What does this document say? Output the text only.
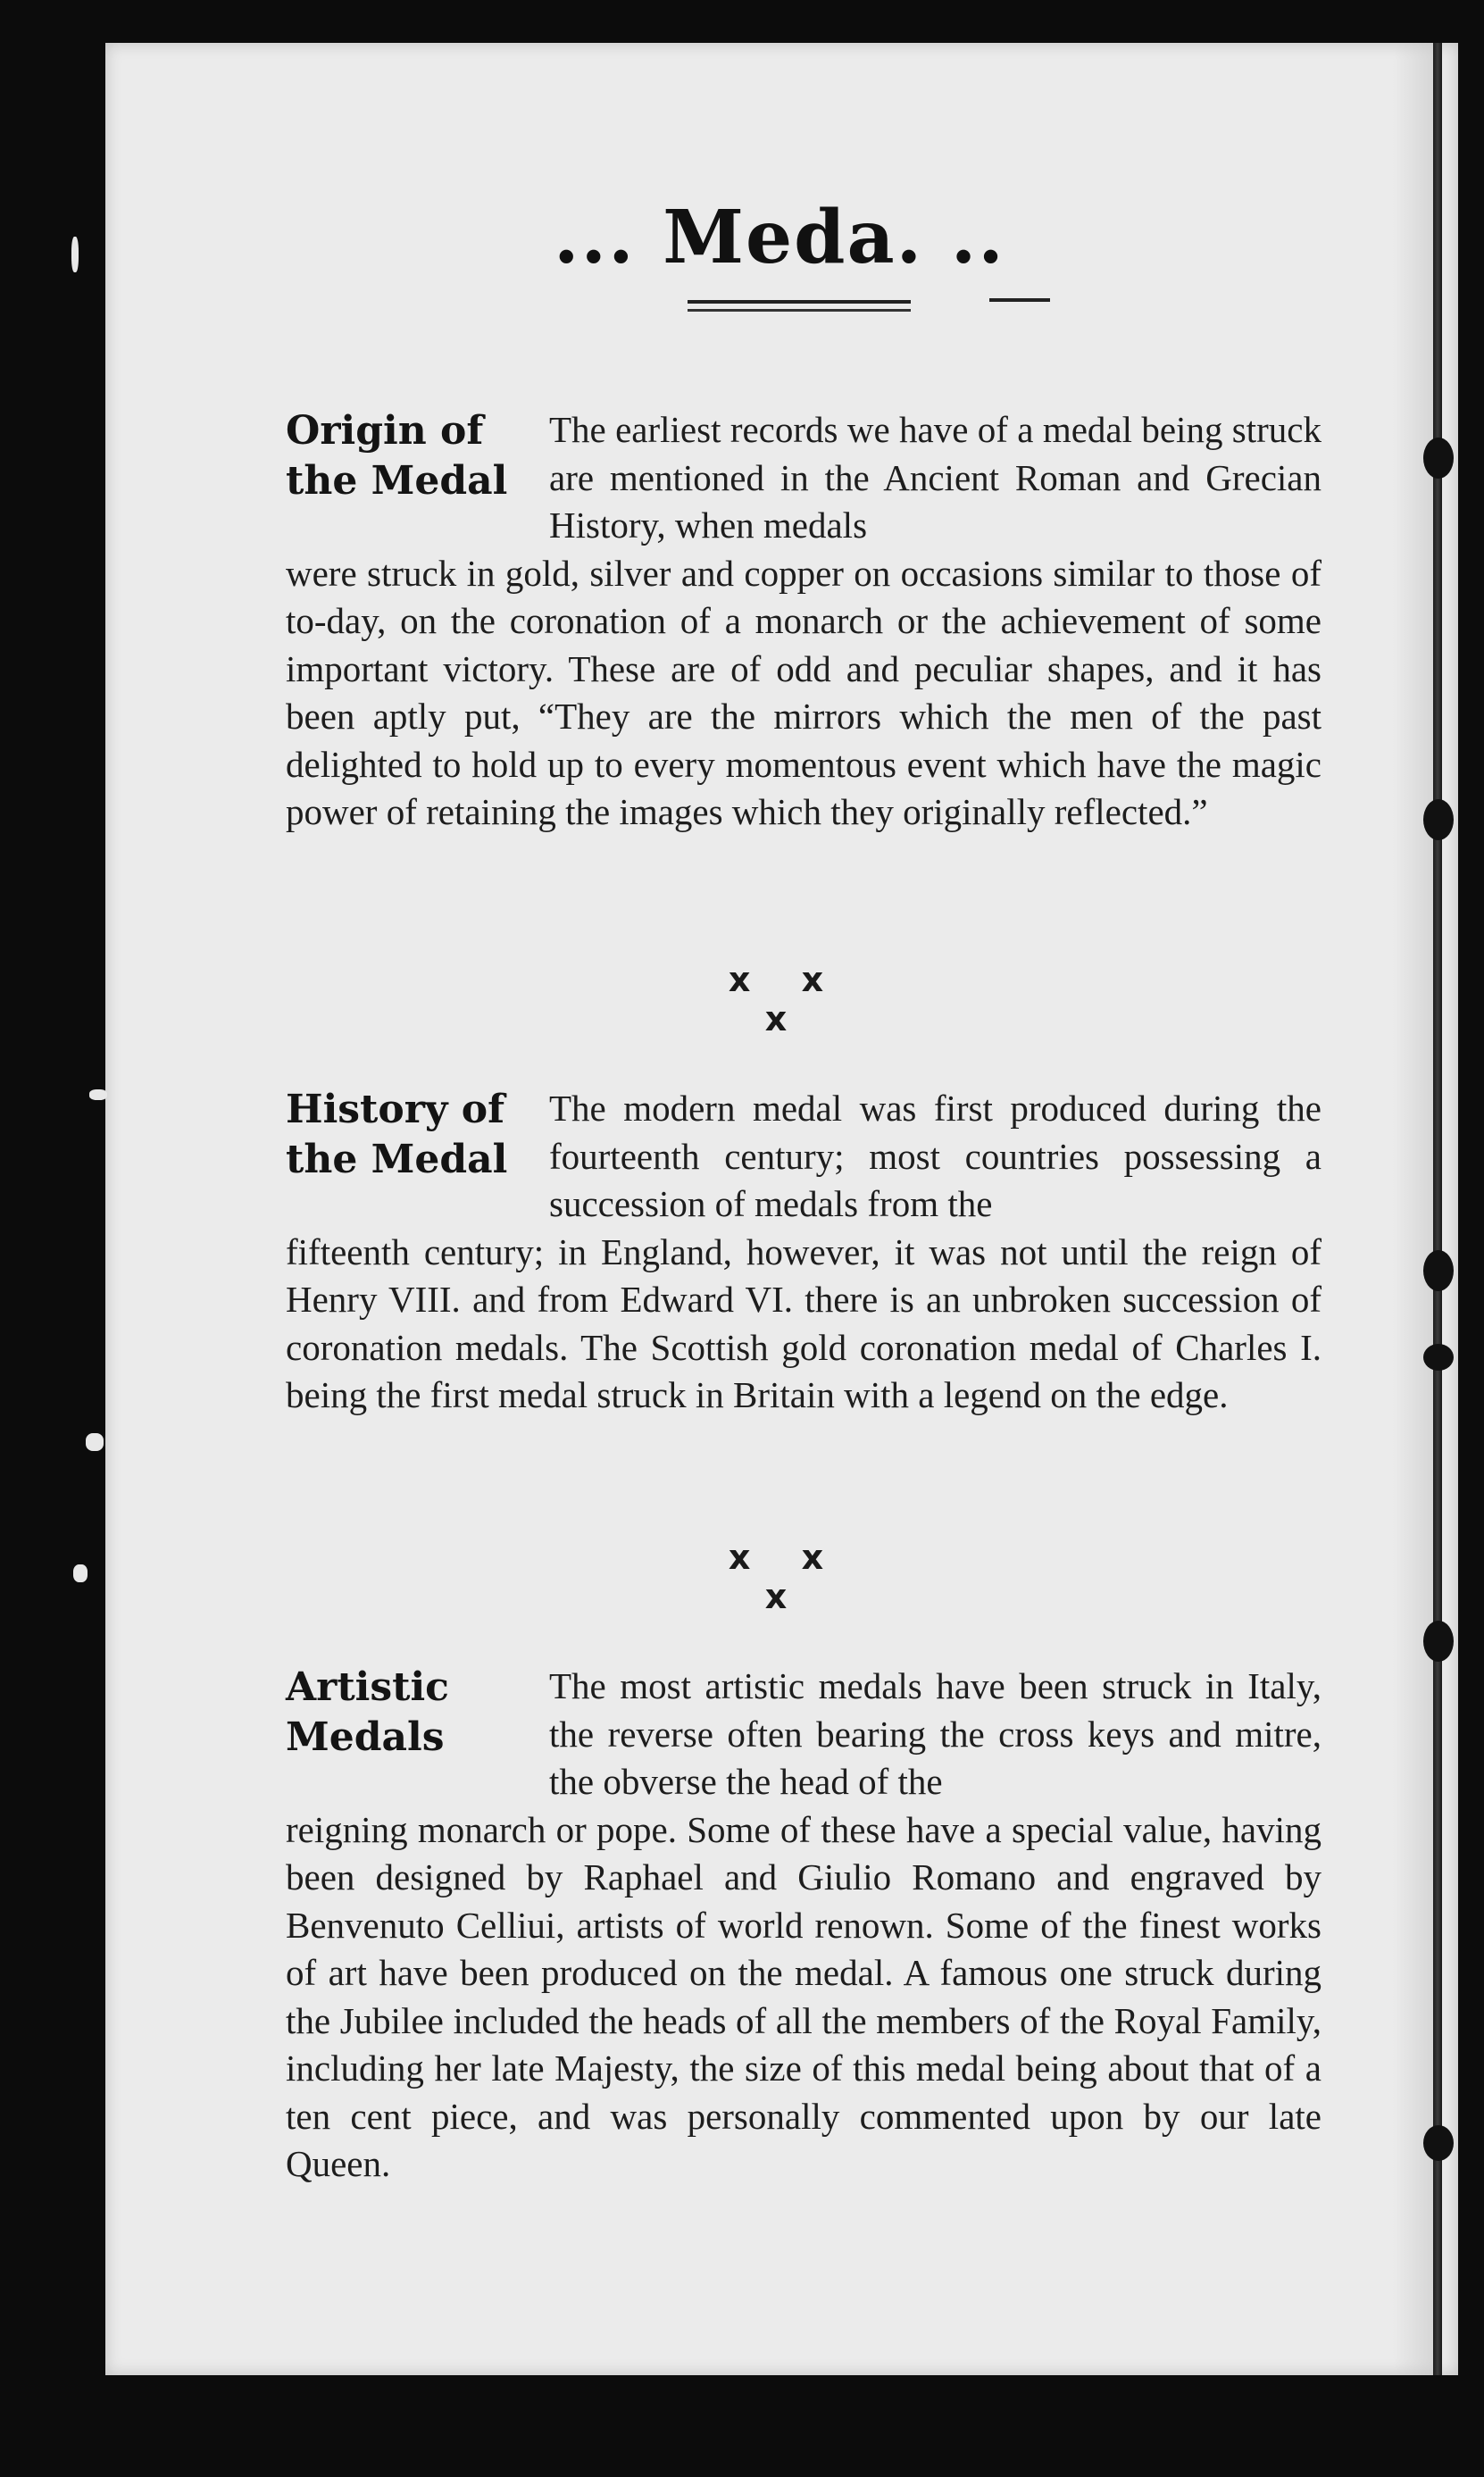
... Meda. ..
Origin of
the Medal

The earliest records we have of a medal being struck are mentioned in the Ancient Roman and Grecian History, when medals

were struck in gold, silver and copper on occasions similar to those of to-day, on the coronation of a monarch or the achievement of some important victory. These are of odd and peculiar shapes, and it has been aptly put, “They are the mirrors which the men of the past delighted to hold up to every momentous event which have the magic power of retaining the images which they originally reflected.”

x x x
History of
the Medal

The modern medal was first produced during the fourteenth century; most countries possessing a succession of medals from the

fifteenth century; in England, however, it was not until the reign of Henry VIII. and from Edward VI. there is an unbroken succession of coronation medals. The Scottish gold coronation medal of Charles I. being the first medal struck in Britain with a legend on the edge.

x x x
Artistic
Medals

The most artistic medals have been struck in Italy, the reverse often bearing the cross keys and mitre, the obverse the head of the

reigning monarch or pope. Some of these have a special value, having been designed by Raphael and Giulio Romano and engraved by Benvenuto Celliui, artists of world renown. Some of the finest works of art have been produced on the medal. A famous one struck during the Jubilee included the heads of all the members of the Royal Family, including her late Majesty, the size of this medal being about that of a ten cent piece, and was personally commented upon by our late Queen.
